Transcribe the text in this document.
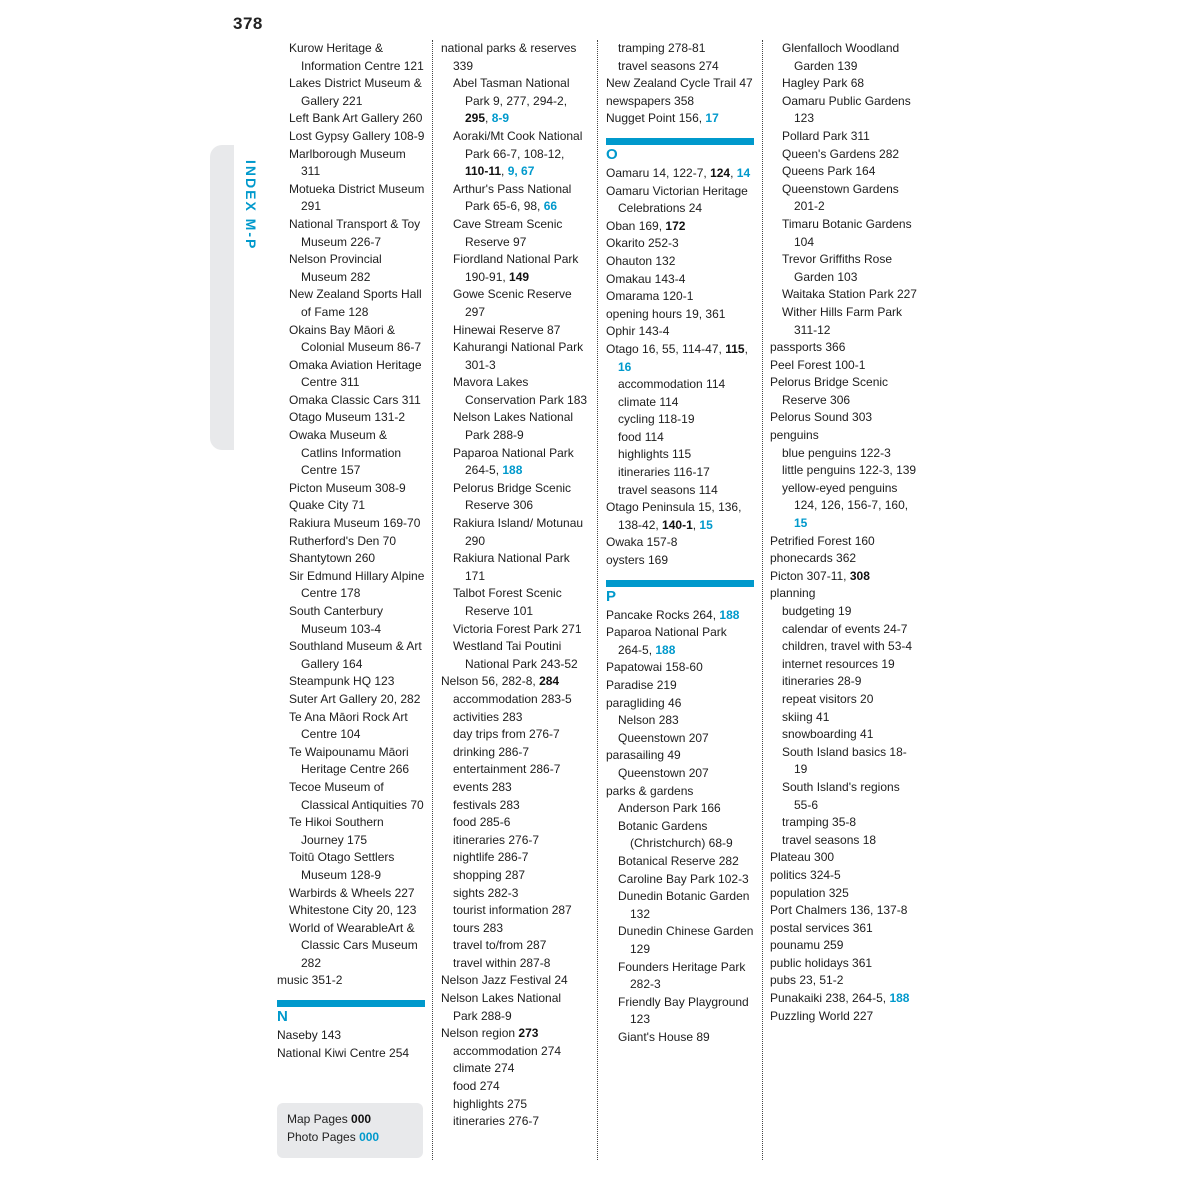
378
INDEX M-P
Kurow Heritage & Information Centre 121
Lakes District Museum & Gallery 221
Left Bank Art Gallery 260
Lost Gypsy Gallery 108-9
Marlborough Museum 311
Motueka District Museum 291
National Transport & Toy Museum 226-7
Nelson Provincial Museum 282
New Zealand Sports Hall of Fame 128
Okains Bay Māori & Colonial Museum 86-7
Omaka Aviation Heritage Centre 311
Omaka Classic Cars 311
Otago Museum 131-2
Owaka Museum & Catlins Information Centre 157
Picton Museum 308-9
Quake City 71
Rakiura Museum 169-70
Rutherford's Den 70
Shantytown 260
Sir Edmund Hillary Alpine Centre 178
South Canterbury Museum 103-4
Southland Museum & Art Gallery 164
Steampunk HQ 123
Suter Art Gallery 20, 282
Te Ana Māori Rock Art Centre 104
Te Waipounamu Māori Heritage Centre 266
Tecoe Museum of Classical Antiquities 70
Te Hikoi Southern Journey 175
Toitū Otago Settlers Museum 128-9
Warbirds & Wheels 227
Whitestone City 20, 123
World of WearableArt & Classic Cars Museum 282
music 351-2
N
Naseby 143
National Kiwi Centre 254
national parks & reserves 339
Abel Tasman National Park 9, 277, 294-2, 295, 8-9
Aoraki/Mt Cook National Park 66-7, 108-12, 110-11, 9, 67
Arthur's Pass National Park 65-6, 98, 66
Cave Stream Scenic Reserve 97
Fiordland National Park 190-91, 149
Gowe Scenic Reserve 297
Hinewai Reserve 87
Kahurangi National Park 301-3
Mavora Lakes Conservation Park 183
Nelson Lakes National Park 288-9
Paparoa National Park 264-5, 188
Pelorus Bridge Scenic Reserve 306
Rakiura Island/ Motunau 290
Rakiura National Park 171
Talbot Forest Scenic Reserve 101
Victoria Forest Park 271
Westland Tai Poutini National Park 243-52
Nelson 56, 282-8, 284
accommodation 283-5
activities 283
day trips from 276-7
drinking 286-7
entertainment 286-7
events 283
festivals 283
food 285-6
itineraries 276-7
nightlife 286-7
shopping 287
sights 282-3
tourist information 287
tours 283
travel to/from 287
travel within 287-8
Nelson Jazz Festival 24
Nelson Lakes National Park 288-9
Nelson region 273
accommodation 274
climate 274
food 274
highlights 275
itineraries 276-7
tramping 278-81
travel seasons 274
New Zealand Cycle Trail 47
newspapers 358
Nugget Point 156, 17
O
Oamaru 14, 122-7, 124, 14
Oamaru Victorian Heritage Celebrations 24
Oban 169, 172
Okarito 252-3
Ohauton 132
Omakau 143-4
Omarama 120-1
opening hours 19, 361
Ophir 143-4
Otago 16, 55, 114-47, 115, 16
accommodation 114
climate 114
cycling 118-19
food 114
highlights 115
itineraries 116-17
travel seasons 114
Otago Peninsula 15, 136, 138-42, 140-1, 15
Owaka 157-8
oysters 169
P
Pancake Rocks 264, 188
Paparoa National Park 264-5, 188
Papatowai 158-60
Paradise 219
paragliding 46
Nelson 283
Queenstown 207
parasailing 49
Queenstown 207
parks & gardens
Anderson Park 166
Botanic Gardens (Christchurch) 68-9
Botanical Reserve 282
Caroline Bay Park 102-3
Dunedin Botanic Garden 132
Dunedin Chinese Garden 129
Founders Heritage Park 282-3
Friendly Bay Playground 123
Giant's House 89
Glenfalloch Woodland Garden 139
Hagley Park 68
Oamaru Public Gardens 123
Pollard Park 311
Queen's Gardens 282
Queens Park 164
Queenstown Gardens 201-2
Timaru Botanic Gardens 104
Trevor Griffiths Rose Garden 103
Waitaka Station Park 227
Wither Hills Farm Park 311-12
passports 366
Peel Forest 100-1
Pelorus Bridge Scenic Reserve 306
Pelorus Sound 303
penguins
blue penguins 122-3
little penguins 122-3, 139
yellow-eyed penguins 124, 126, 156-7, 160, 15
Petrified Forest 160
phonecards 362
Picton 307-11, 308
planning
budgeting 19
calendar of events 24-7
children, travel with 53-4
internet resources 19
itineraries 28-9
repeat visitors 20
skiing 41
snowboarding 41
South Island basics 18-19
South Island's regions 55-6
tramping 35-8
travel seasons 18
Plateau 300
politics 324-5
population 325
Port Chalmers 136, 137-8
postal services 361
pounamu 259
public holidays 361
pubs 23, 51-2
Punakaiki 238, 264-5, 188
Puzzling World 227
Map Pages 000
Photo Pages 000
